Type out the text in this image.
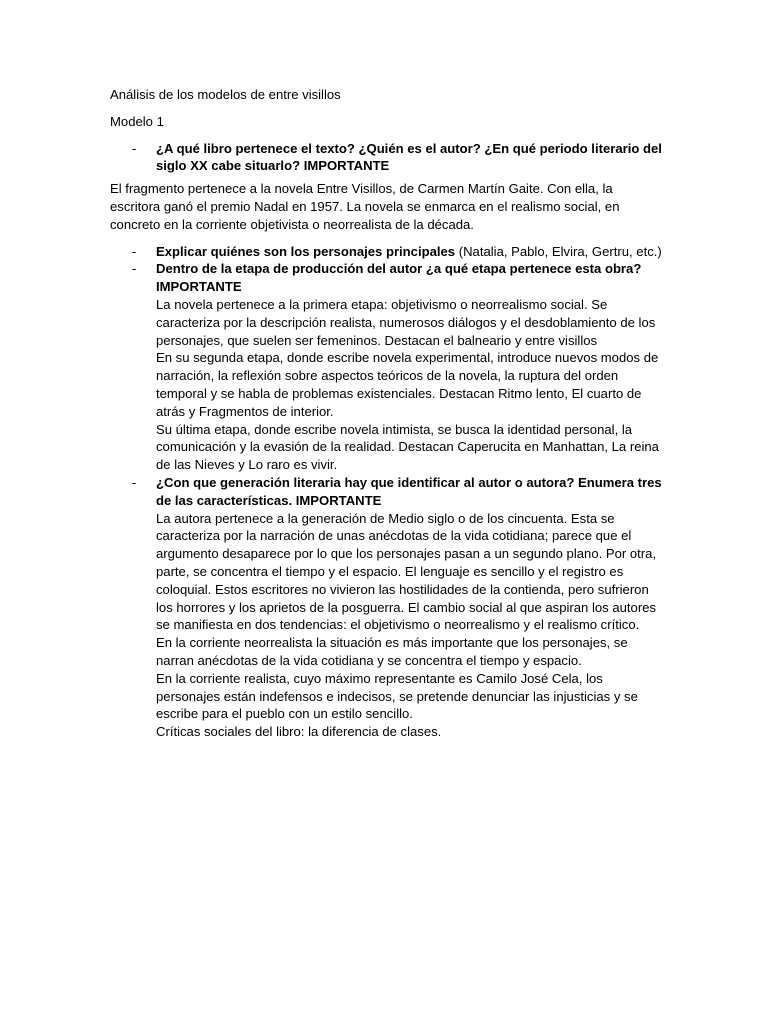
Análisis de los modelos de entre visillos

Modelo 1

- ¿A qué libro pertenece el texto? ¿Quién es el autor? ¿En qué periodo literario del siglo XX cabe situarlo? IMPORTANTE

El fragmento pertenece a la novela Entre Visillos, de Carmen Martín Gaite. Con ella, la escritora ganó el premio Nadal en 1957. La novela se enmarca en el realismo social, en concreto en la corriente objetivista o neorrealista de la década.

- Explicar quiénes son los personajes principales (Natalia, Pablo, Elvira, Gertru, etc.)
- Dentro de la etapa de producción del autor ¿a qué etapa pertenece esta obra? IMPORTANTE

La novela pertenece a la primera etapa: objetivismo o neorrealismo social. Se caracteriza por la descripción realista, numerosos diálogos y el desdoblamiento de los personajes, que suelen ser femeninos. Destacan el balneario y entre visillos

En su segunda etapa, donde escribe novela experimental, introduce nuevos modos de narración, la reflexión sobre aspectos teóricos de la novela, la ruptura del orden temporal y se habla de problemas existenciales. Destacan Ritmo lento, El cuarto de atrás y Fragmentos de interior.

Su última etapa, donde escribe novela intimista, se busca la identidad personal, la comunicación y la evasión de la realidad. Destacan Caperucita en Manhattan, La reina de las Nieves y Lo raro es vivir.

- ¿Con que generación literaria hay que identificar al autor o autora? Enumera tres de las características. IMPORTANTE

La autora pertenece a la generación de Medio siglo o de los cincuenta. Esta se caracteriza por la narración de unas anécdotas de la vida cotidiana; parece que el argumento desaparece por lo que los personajes pasan a un segundo plano. Por otra, parte, se concentra el tiempo y el espacio. El lenguaje es sencillo y el registro es coloquial. Estos escritores no vivieron las hostilidades de la contienda, pero sufrieron los horrores y los aprietos de la posguerra. El cambio social al que aspiran los autores se manifiesta en dos tendencias: el objetivismo o neorrealismo y el realismo crítico.

En la corriente neorrealista la situación es más importante que los personajes, se narran anécdotas de la vida cotidiana y se concentra el tiempo y espacio.

En la corriente realista, cuyo máximo representante es Camilo José Cela, los personajes están indefensos e indecisos, se pretende denunciar las injusticias y se escribe para el pueblo con un estilo sencillo.

Críticas sociales del libro: la diferencia de clases.
